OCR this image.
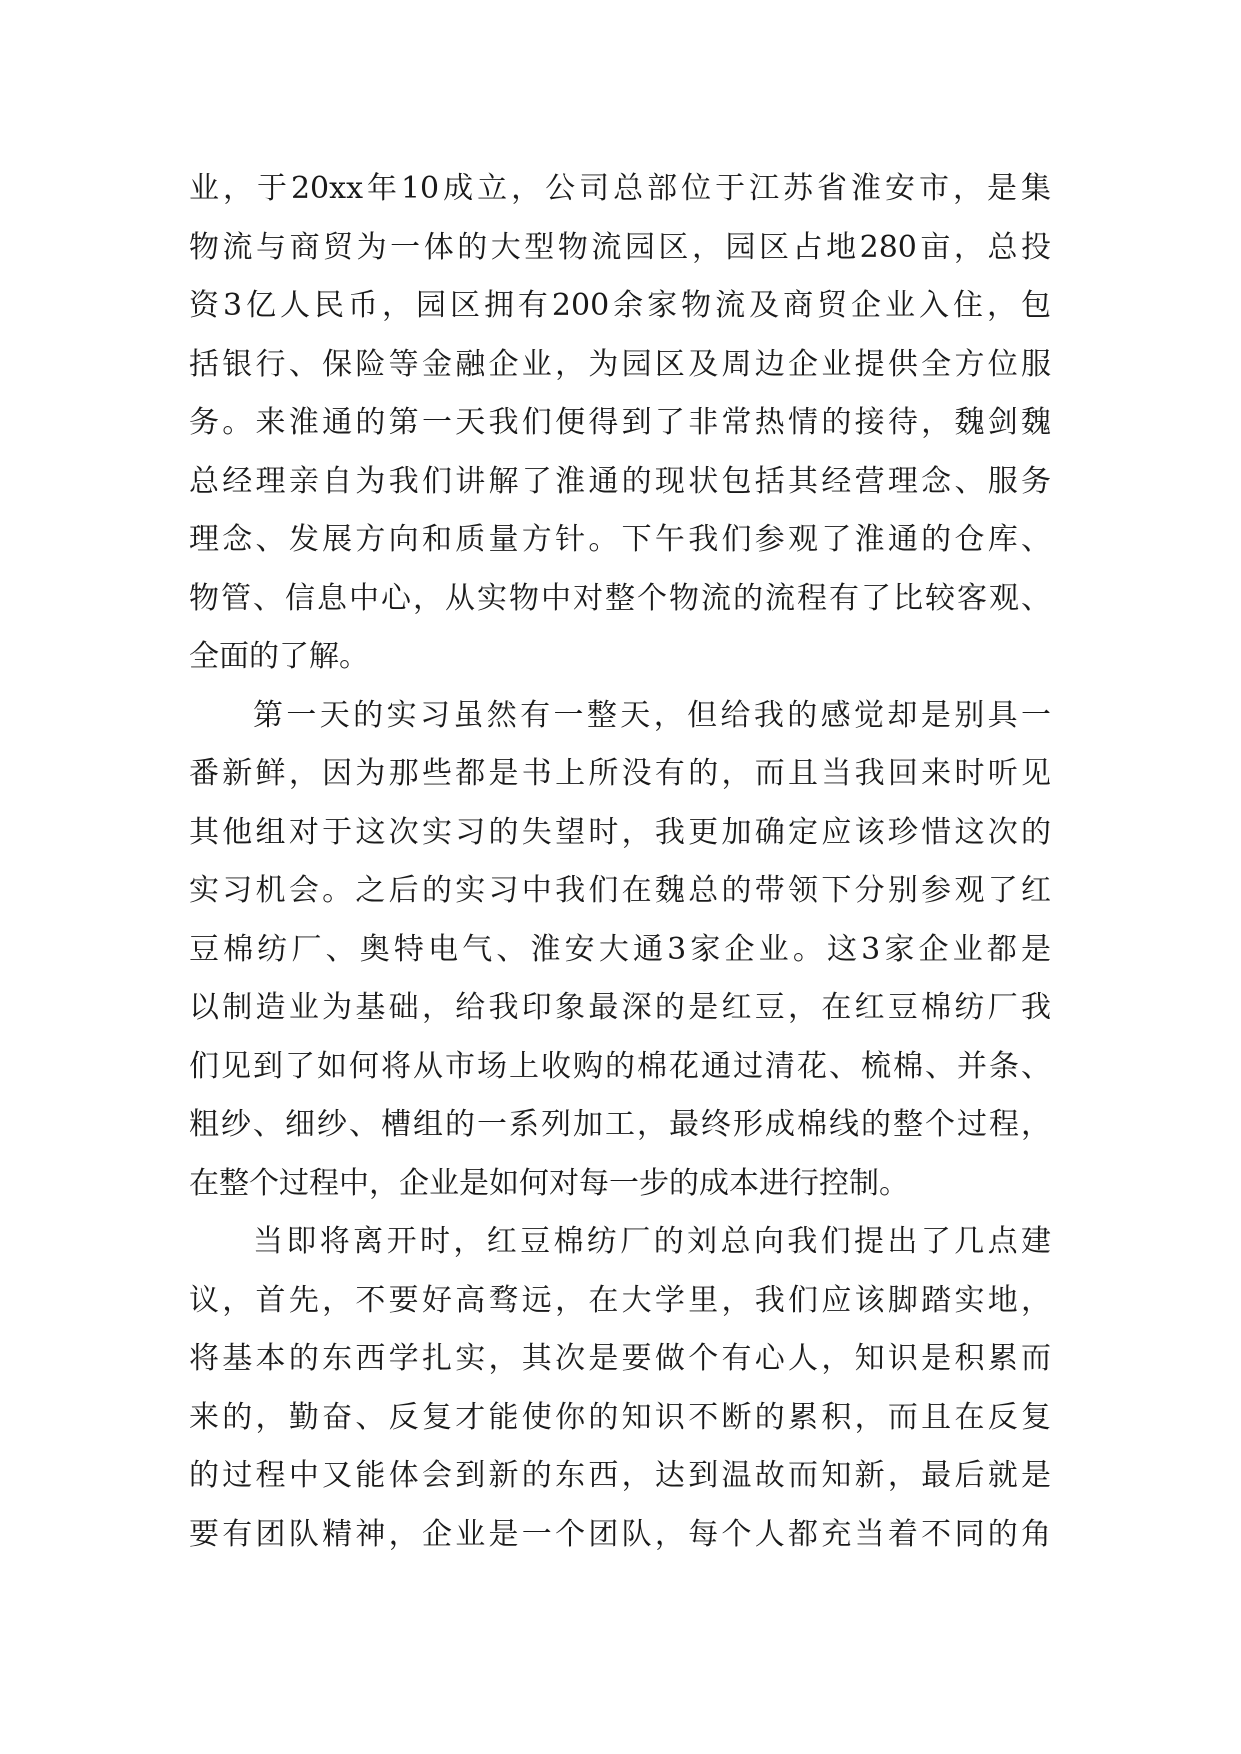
业，于20xx年10成立，公司总部位于江苏省淮安市，是集
物流与商贸为一体的大型物流园区，园区占地280亩，总投
资3亿人民币，园区拥有200余家物流及商贸企业入住，包
括银行、保险等金融企业，为园区及周边企业提供全方位服
务。来淮通的第一天我们便得到了非常热情的接待，魏剑魏
总经理亲自为我们讲解了淮通的现状包括其经营理念、服务
理念、发展方向和质量方针。下午我们参观了淮通的仓库、
物管、信息中心，从实物中对整个物流的流程有了比较客观、
全面的了解。
第一天的实习虽然有一整天，但给我的感觉却是别具一
番新鲜，因为那些都是书上所没有的，而且当我回来时听见
其他组对于这次实习的失望时，我更加确定应该珍惜这次的
实习机会。之后的实习中我们在魏总的带领下分别参观了红
豆棉纺厂、奥特电气、淮安大通3家企业。这3家企业都是
以制造业为基础，给我印象最深的是红豆，在红豆棉纺厂我
们见到了如何将从市场上收购的棉花通过清花、梳棉、并条、
粗纱、细纱、槽组的一系列加工，最终形成棉线的整个过程，
在整个过程中，企业是如何对每一步的成本进行控制。
当即将离开时，红豆棉纺厂的刘总向我们提出了几点建
议，首先，不要好高骛远，在大学里，我们应该脚踏实地，
将基本的东西学扎实，其次是要做个有心人，知识是积累而
来的，勤奋、反复才能使你的知识不断的累积，而且在反复
的过程中又能体会到新的东西，达到温故而知新，最后就是
要有团队精神，企业是一个团队，每个人都充当着不同的角
